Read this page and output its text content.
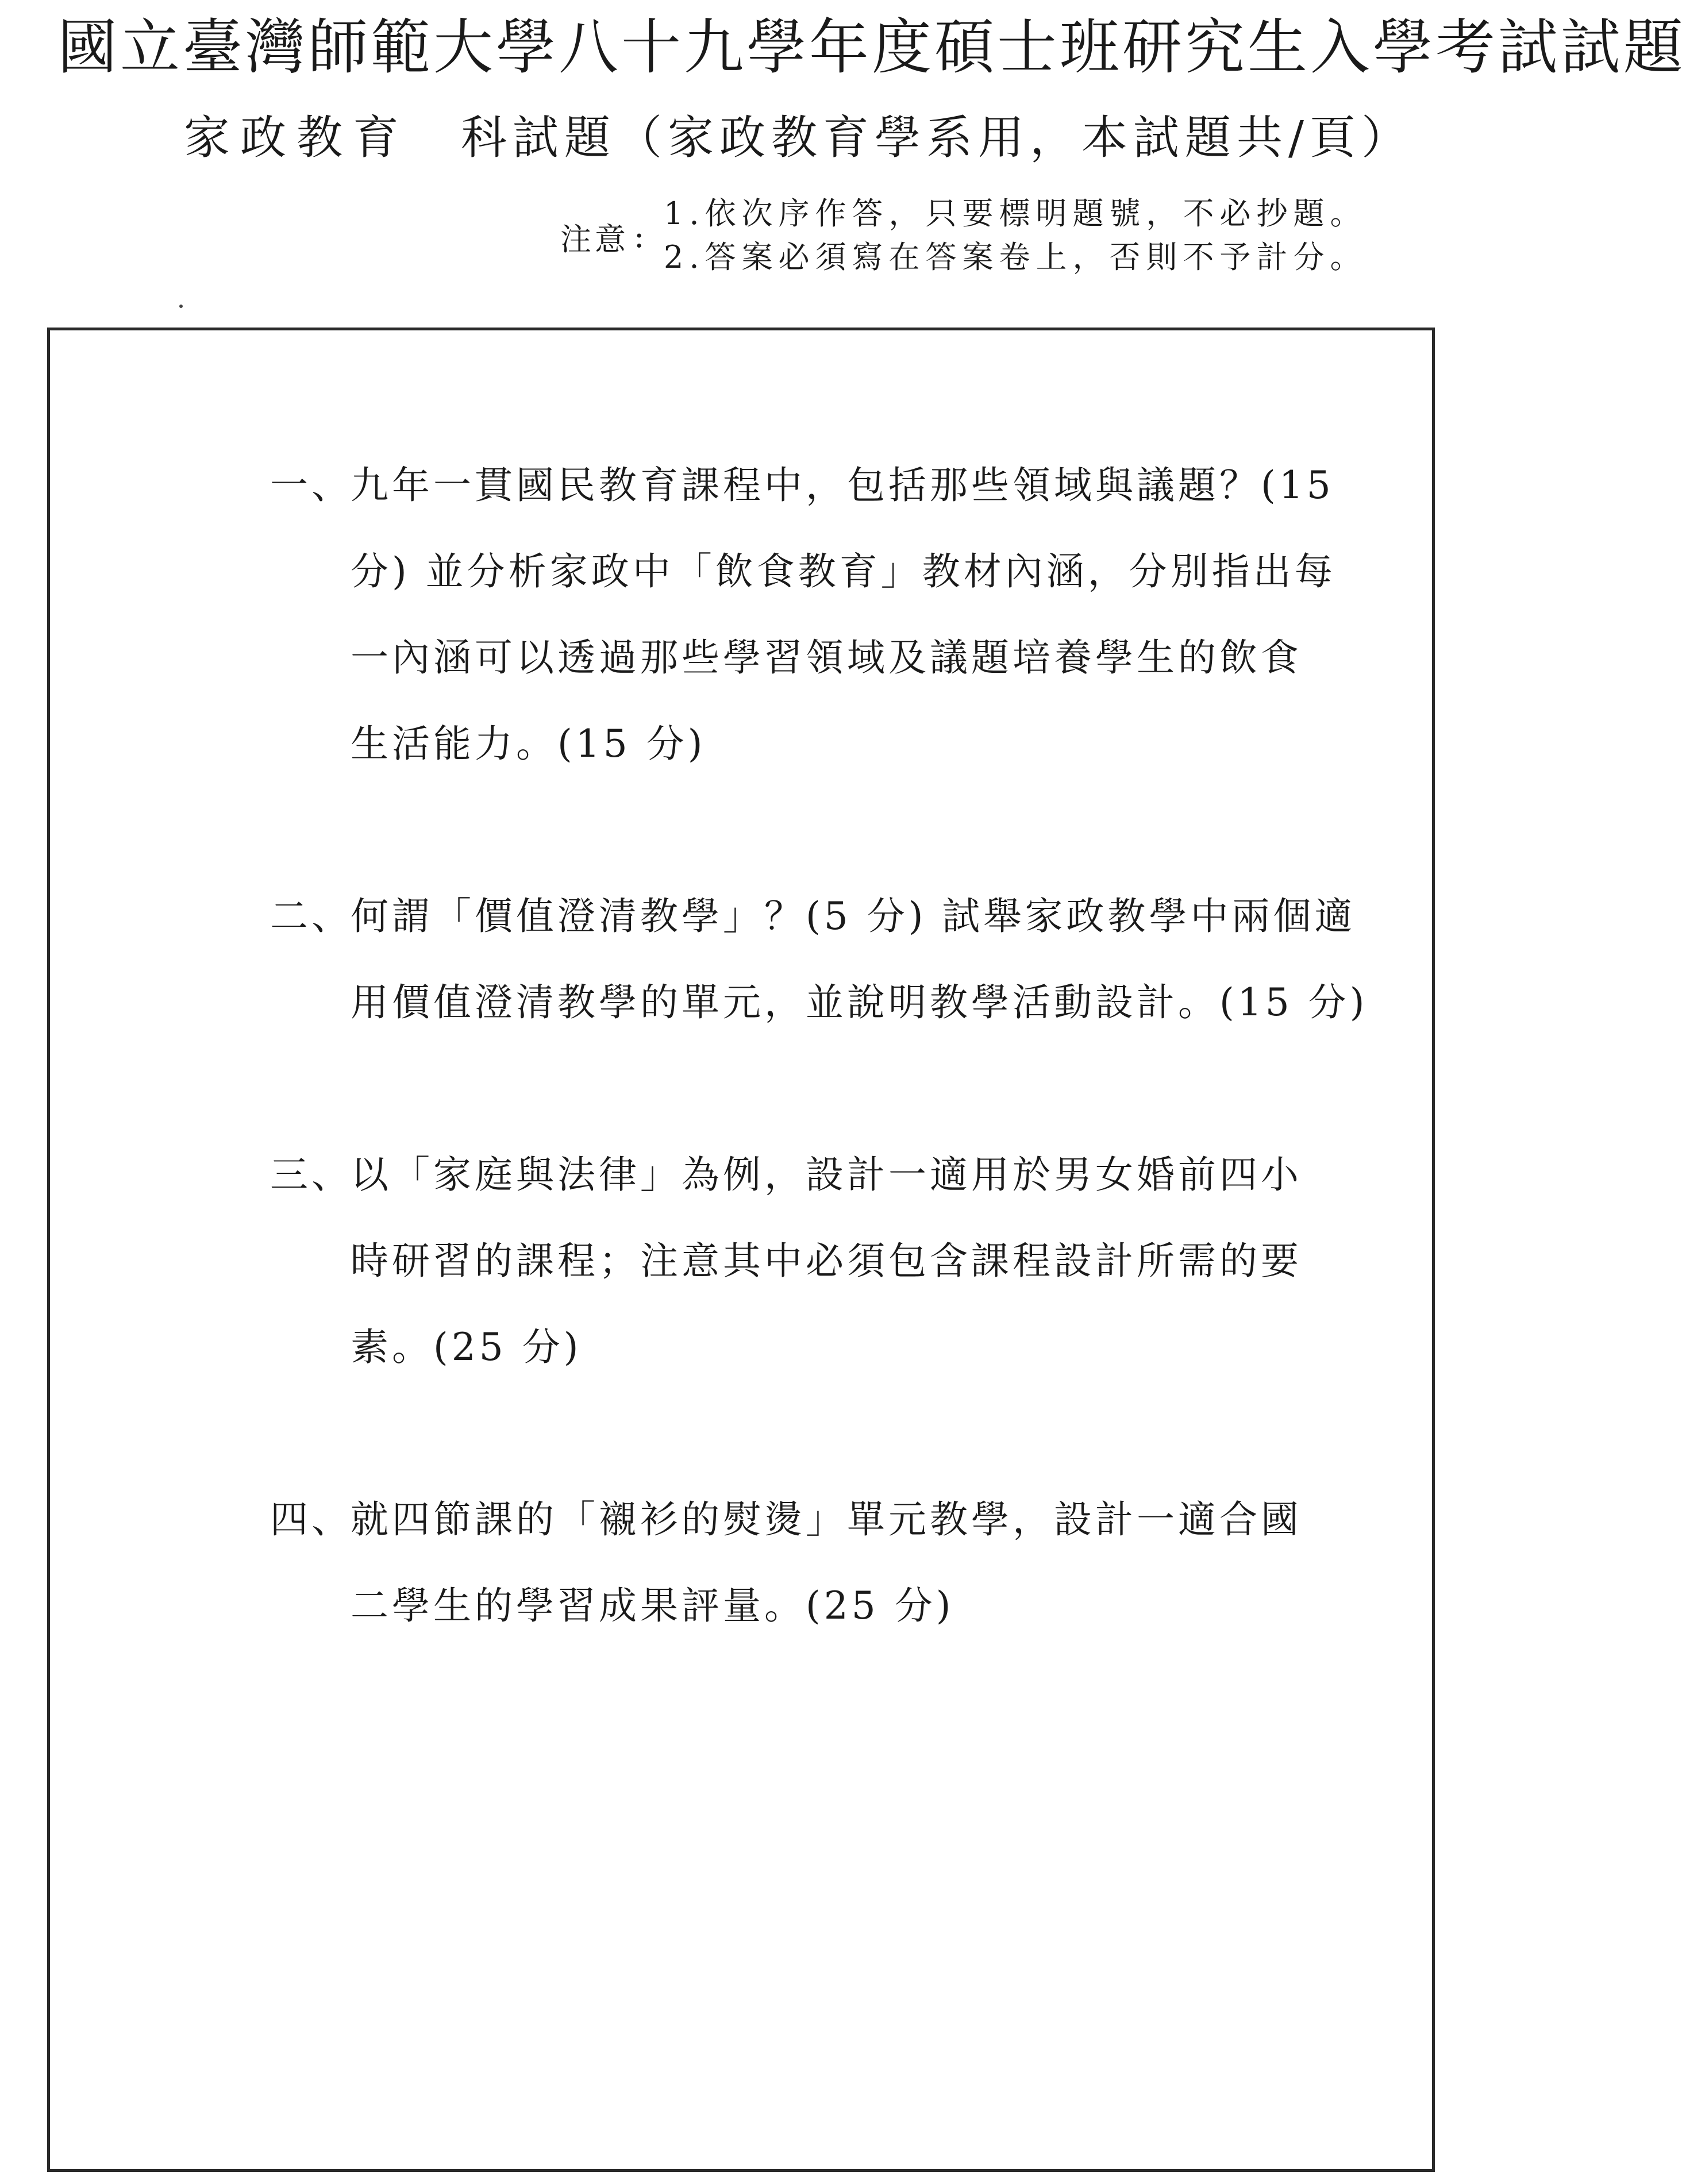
國立臺灣師範大學八十九學年度碩士班研究生入學考試試題
家政教育 科試題（家政教育學系用，本試題共/頁）
注意 :
1.依次序作答，只要標明題號，不必抄題。
2.答案必須寫在答案卷上，否則不予計分。
一、九年一貫國民教育課程中，包括那些領域與議題？(15
分) 並分析家政中「飲食教育」教材內涵，分別指出每
一內涵可以透過那些學習領域及議題培養學生的飲食
生活能力。(15 分)
二、何謂「價值澄清教學」？(5 分) 試舉家政教學中兩個適
用價值澄清教學的單元，並說明教學活動設計。(15 分)
三、以「家庭與法律」為例，設計一適用於男女婚前四小
時研習的課程；注意其中必須包含課程設計所需的要
素。(25 分)
四、就四節課的「襯衫的熨燙」單元教學，設計一適合國
二學生的學習成果評量。(25 分)
